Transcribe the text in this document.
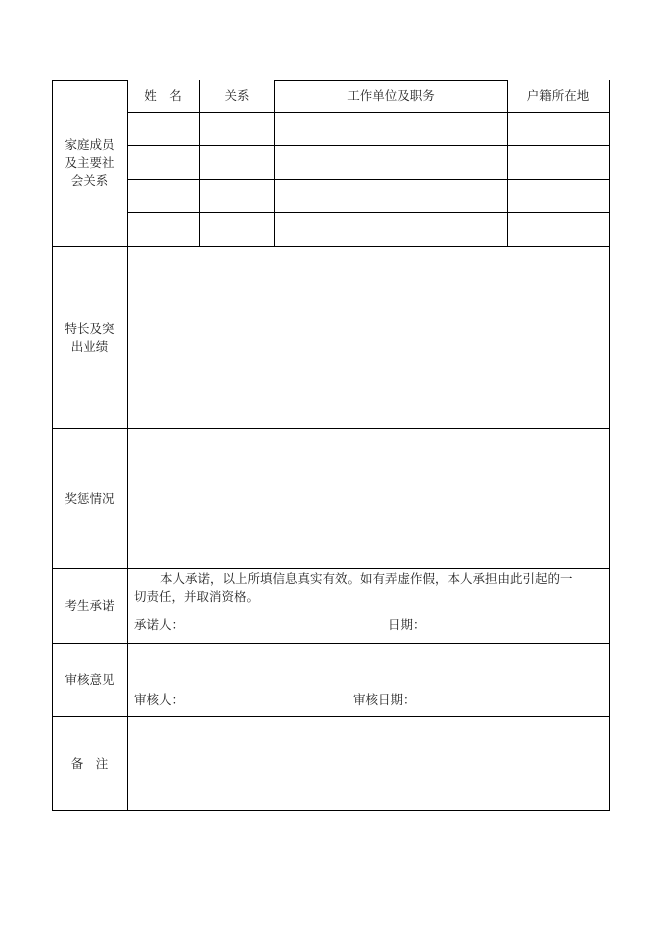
家庭成员
及主要社
会关系
姓　名	关系	工作单位及职务	户籍所在地
特长及突
出业绩
奖惩情况
考生承诺
本人承诺，以上所填信息真实有效。如有弄虚作假，本人承担由此引起的一
切责任，并取消资格。
承诺人：	日期：
审核意见
审核人：	审核日期：
备　注
